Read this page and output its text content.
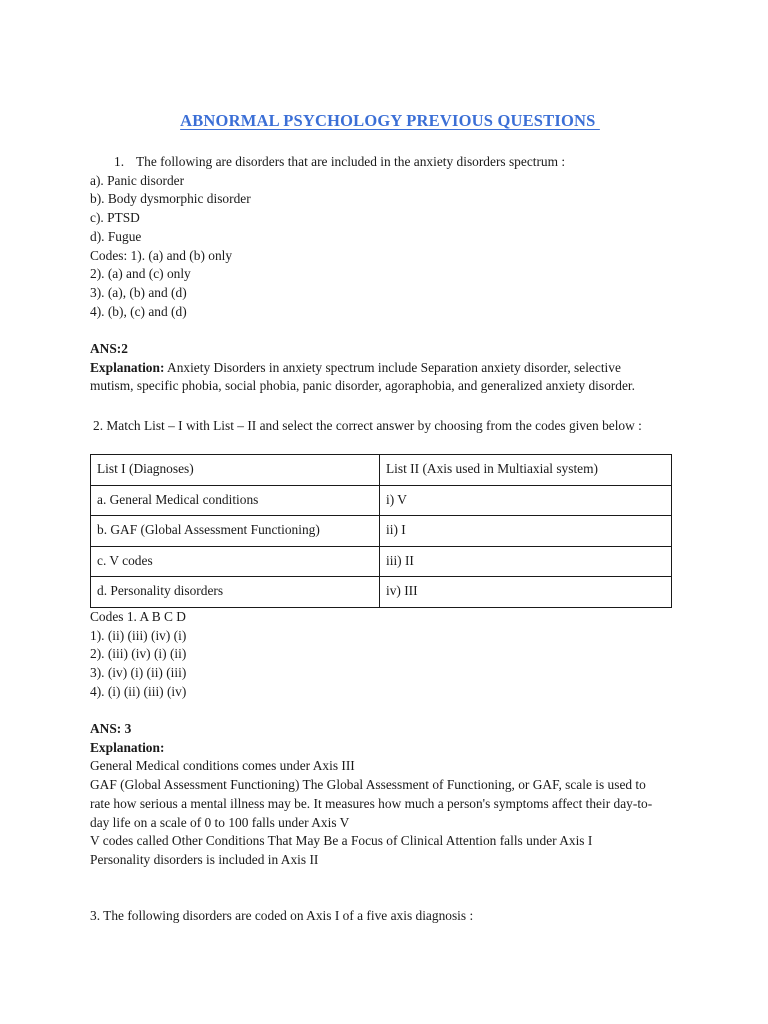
ABNORMAL PSYCHOLOGY PREVIOUS QUESTIONS
1. The following are disorders that are included in the anxiety disorders spectrum :
a). Panic disorder
b). Body dysmorphic disorder
c). PTSD
d). Fugue
Codes: 1). (a) and (b) only
2). (a) and (c) only
3). (a), (b) and (d)
4). (b), (c) and (d)
ANS:2
Explanation: Anxiety Disorders in anxiety spectrum include Separation anxiety disorder, selective
mutism, specific phobia, social phobia, panic disorder, agoraphobia, and generalized anxiety disorder.
2. Match List – I with List – II and select the correct answer by choosing from the codes given below :
List I (Diagnoses)	List II (Axis used in Multiaxial system)
a. General Medical conditions	i) V
b. GAF (Global Assessment Functioning)	ii) I
c. V codes	iii) II
d. Personality disorders	iv) III
Codes 1. A B C D
1). (ii) (iii) (iv) (i)
2). (iii) (iv) (i) (ii)
3). (iv) (i) (ii) (iii)
4). (i) (ii) (iii) (iv)
ANS: 3
Explanation:
General Medical conditions comes under Axis III
GAF (Global Assessment Functioning) The Global Assessment of Functioning, or GAF, scale is used to
rate how serious a mental illness may be. It measures how much a person's symptoms affect their day-to-
day life on a scale of 0 to 100 falls under Axis V
V codes called Other Conditions That May Be a Focus of Clinical Attention falls under Axis I
Personality disorders is included in Axis II
3. The following disorders are coded on Axis I of a five axis diagnosis :
